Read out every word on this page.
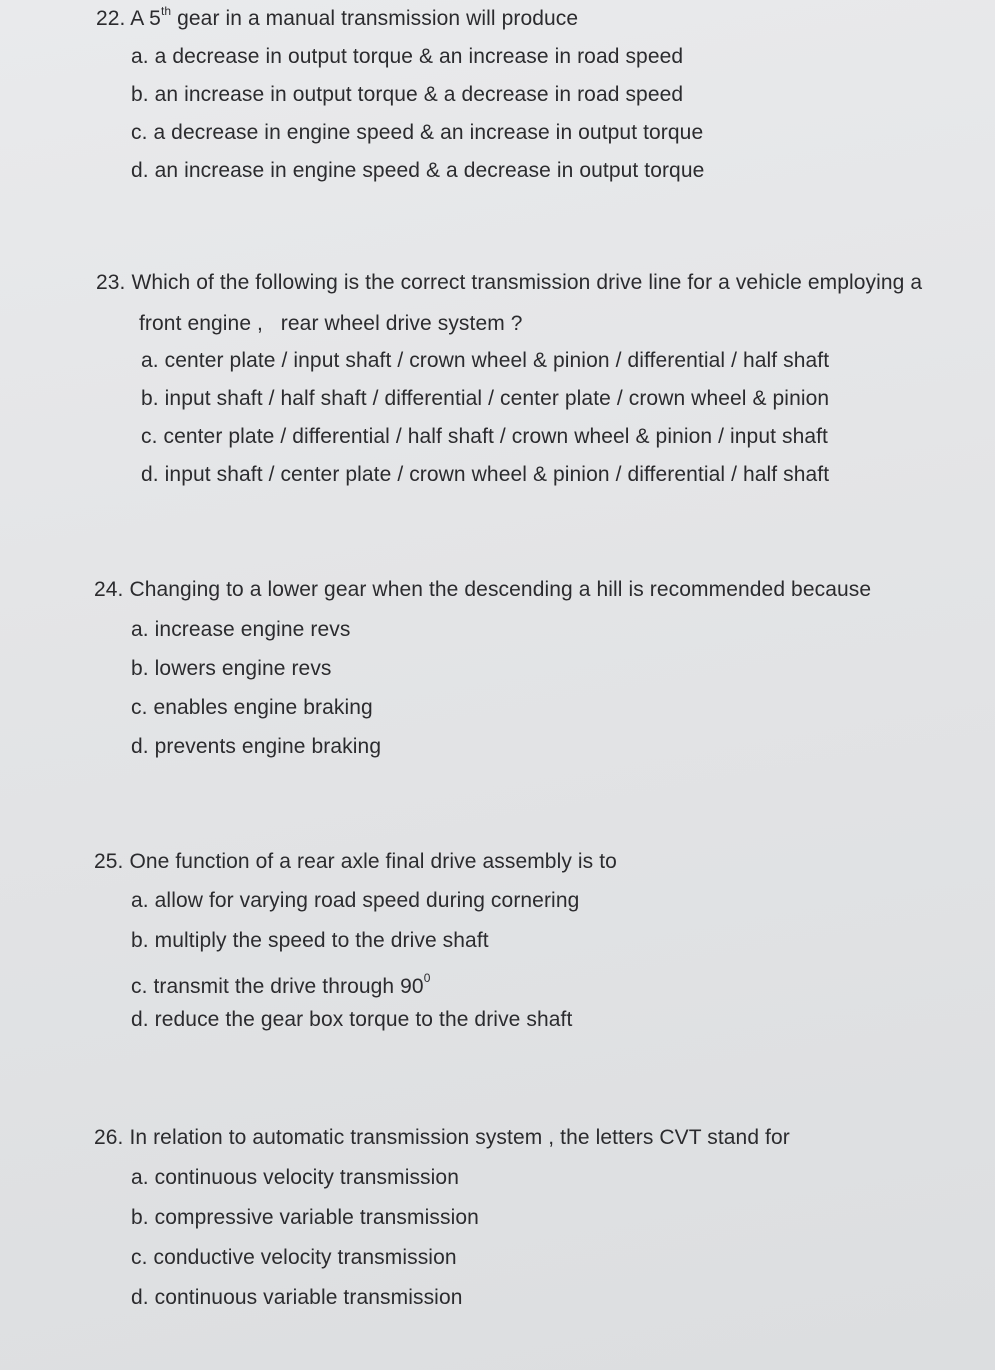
22. A 5th gear in a manual transmission will produce
a. a decrease in output torque & an increase in road speed
b. an increase in output torque & a decrease in road speed
c. a decrease in engine speed & an increase in output torque
d. an increase in engine speed & a decrease in output torque
23. Which of the following is the correct transmission drive line for a vehicle employing a
front engine ,   rear wheel drive system ?
a. center plate / input shaft / crown wheel & pinion / differential / half shaft
b. input shaft / half shaft / differential / center plate / crown wheel & pinion
c. center plate / differential / half shaft / crown wheel & pinion / input shaft
d. input shaft / center plate / crown wheel & pinion / differential / half shaft
24. Changing to a lower gear when the descending a hill is recommended because
a. increase engine revs
b. lowers engine revs
c. enables engine braking
d. prevents engine braking
25. One function of a rear axle final drive assembly is to
a. allow for varying road speed during cornering
b. multiply the speed to the drive shaft
c. transmit the drive through $90^0$
d. reduce the gear box torque to the drive shaft
26. In relation to automatic transmission system , the letters CVT stand for
a. continuous velocity transmission
b. compressive variable transmission
c. conductive velocity transmission
d. continuous variable transmission
